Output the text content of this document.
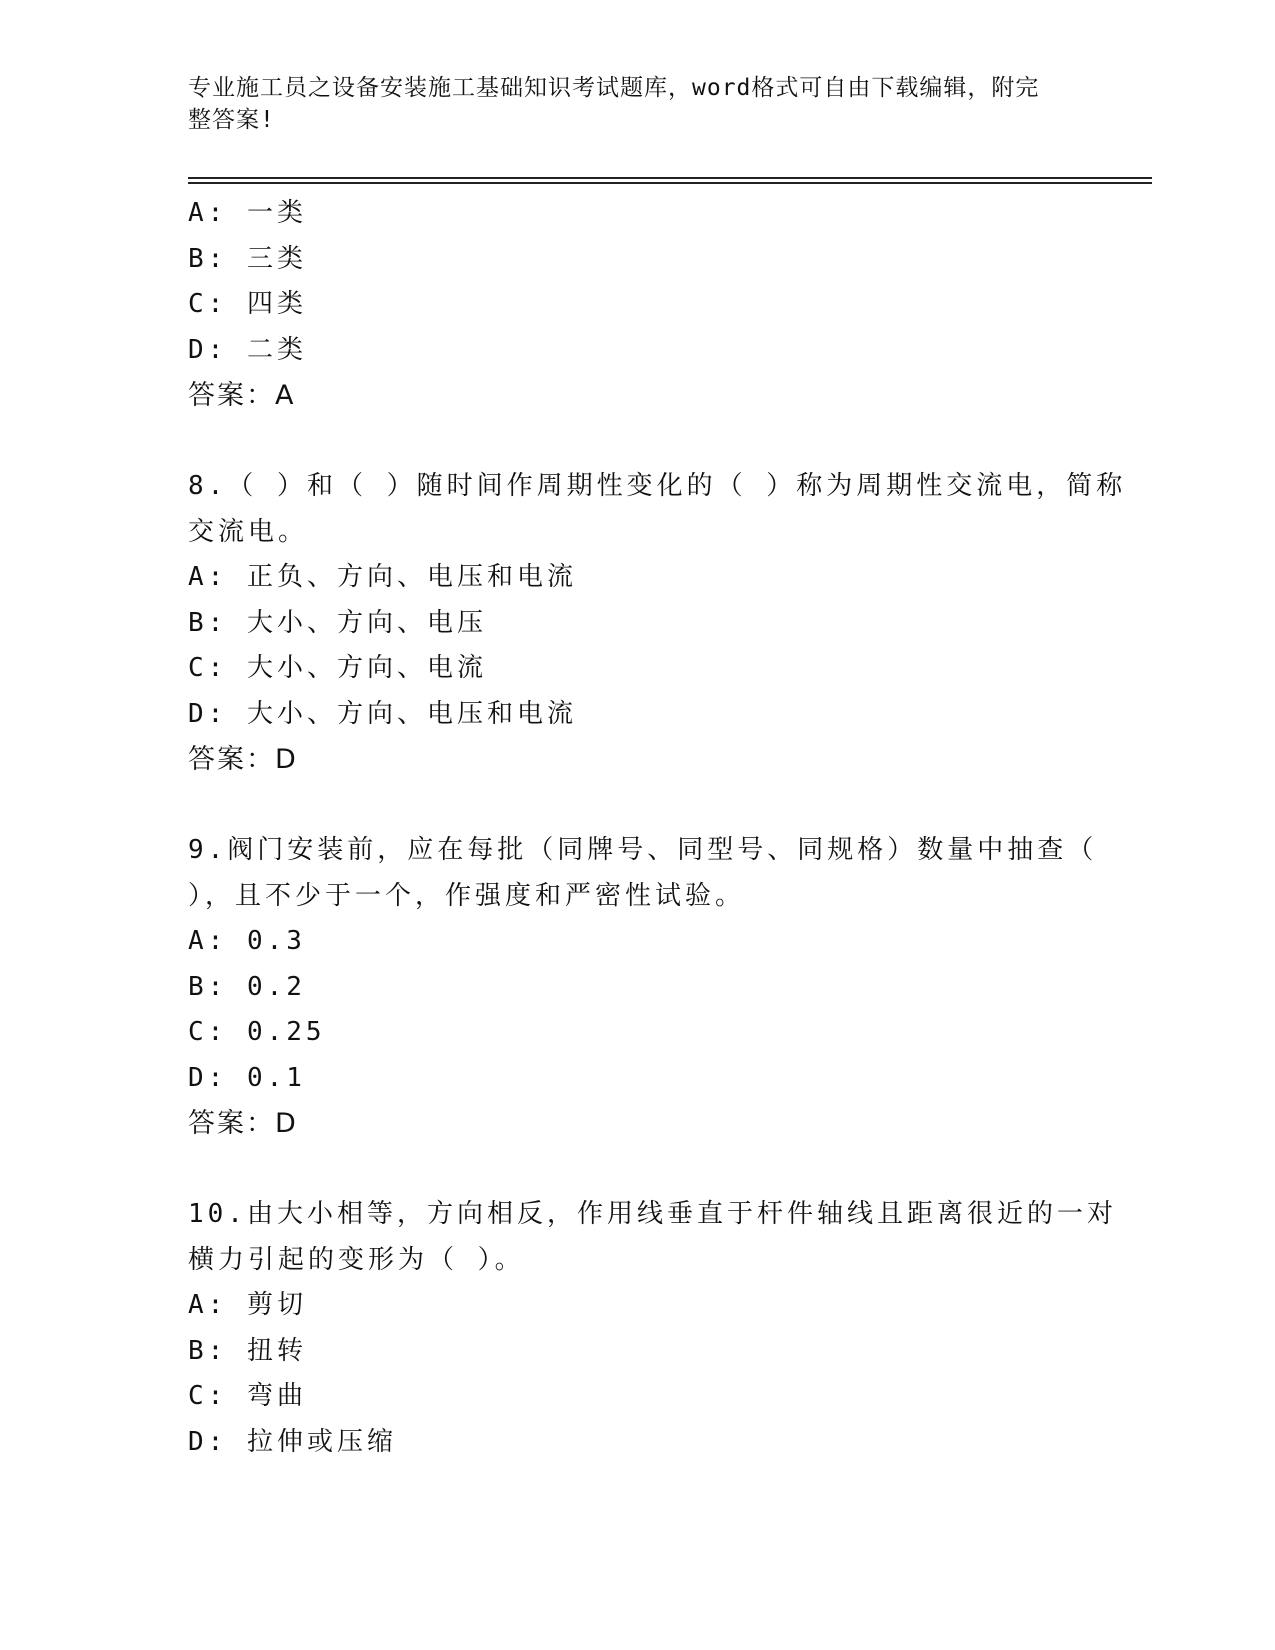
专业施工员之设备安装施工基础知识考试题库，word格式可自由下载编辑，附完
整答案!
A: 一类
B: 三类
C: 四类
D: 二类
答案：A
8.（ ）和（ ）随时间作周期性变化的（ ）称为周期性交流电，简称
交流电。
A: 正负、方向、电压和电流
B: 大小、方向、电压
C: 大小、方向、电流
D: 大小、方向、电压和电流
答案：D
9.阀门安装前，应在每批（同牌号、同型号、同规格）数量中抽查（
），且不少于一个，作强度和严密性试验。
A: 0.3
B: 0.2
C: 0.25
D: 0.1
答案：D
10.由大小相等，方向相反，作用线垂直于杆件轴线且距离很近的一对
横力引起的变形为（ ）。
A: 剪切
B: 扭转
C: 弯曲
D: 拉伸或压缩
